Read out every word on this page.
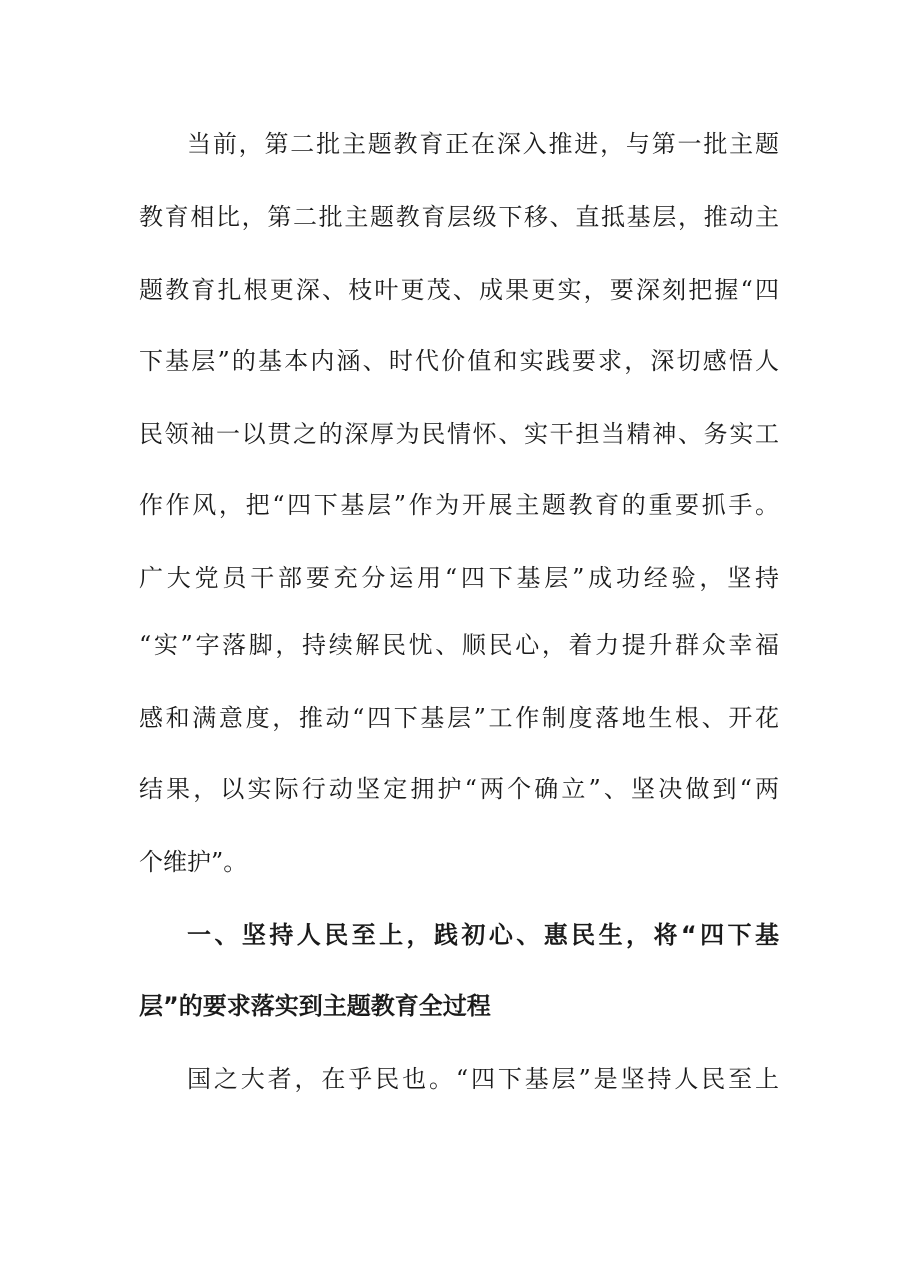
当前，第二批主题教育正在深入推进，与第一批主题
教育相比，第二批主题教育层级下移、直抵基层，推动主
题教育扎根更深、枝叶更茂、成果更实，要深刻把握“四
下基层”的基本内涵、时代价值和实践要求，深切感悟人
民领袖一以贯之的深厚为民情怀、实干担当精神、务实工
作作风，把“四下基层”作为开展主题教育的重要抓手。
广大党员干部要充分运用“四下基层”成功经验，坚持
“实”字落脚，持续解民忧、顺民心，着力提升群众幸福
感和满意度，推动“四下基层”工作制度落地生根、开花
结果，以实际行动坚定拥护“两个确立”、坚决做到“两
个维护”。
一、坚持人民至上，践初心、惠民生，将“四下基
层”的要求落实到主题教育全过程
国之大者，在乎民也。“四下基层”是坚持人民至上
